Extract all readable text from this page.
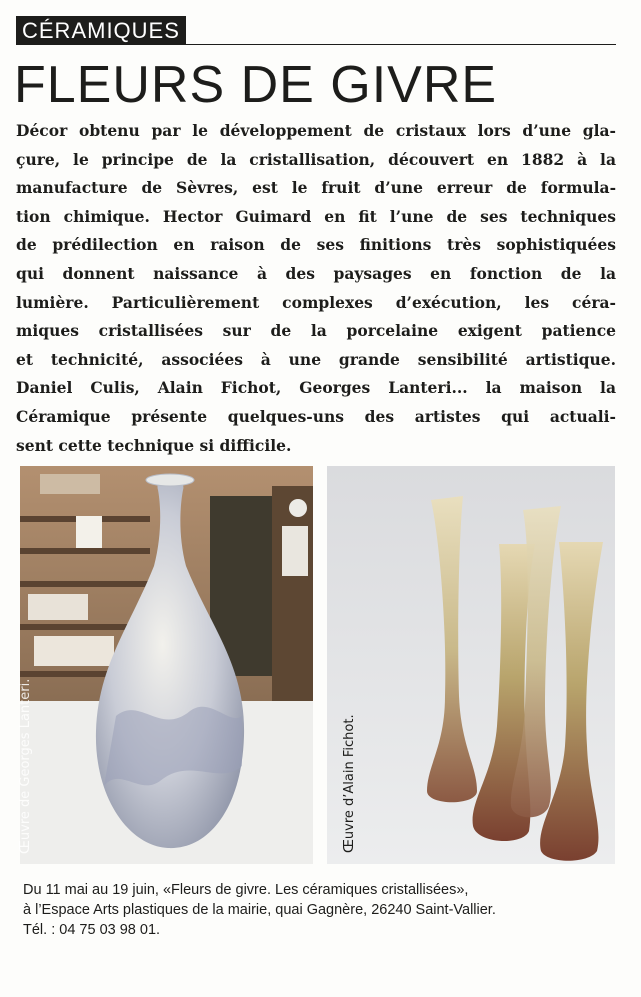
CÉRAMIQUES
FLEURS DE GIVRE
Décor obtenu par le développement de cristaux lors d’une gla-
çure, le principe de la cristallisation, découvert en 1882 à la
manufacture de Sèvres, est le fruit d’une erreur de formula-
tion chimique. Hector Guimard en fit l’une de ses techniques
de prédilection en raison de ses finitions très sophistiquées
qui donnent naissance à des paysages en fonction de la
lumière. Particulièrement complexes d’exécution, les céra-
miques cristallisées sur de la porcelaine exigent patience
et technicité, associées à une grande sensibilité artistique.
Daniel Culis, Alain Fichot, Georges Lanteri... la maison la
Céramique présente quelques-uns des artistes qui actuali-
sent cette technique si difficile.
Œuvre de Georges Lanteri.	Œuvre d’Alain Fichot.
Du 11 mai au 19 juin, «Fleurs de givre. Les céramiques cristallisées»,
à l’Espace Arts plastiques de la mairie, quai Gagnère, 26240 Saint-Vallier.
Tél. : 04 75 03 98 01.
